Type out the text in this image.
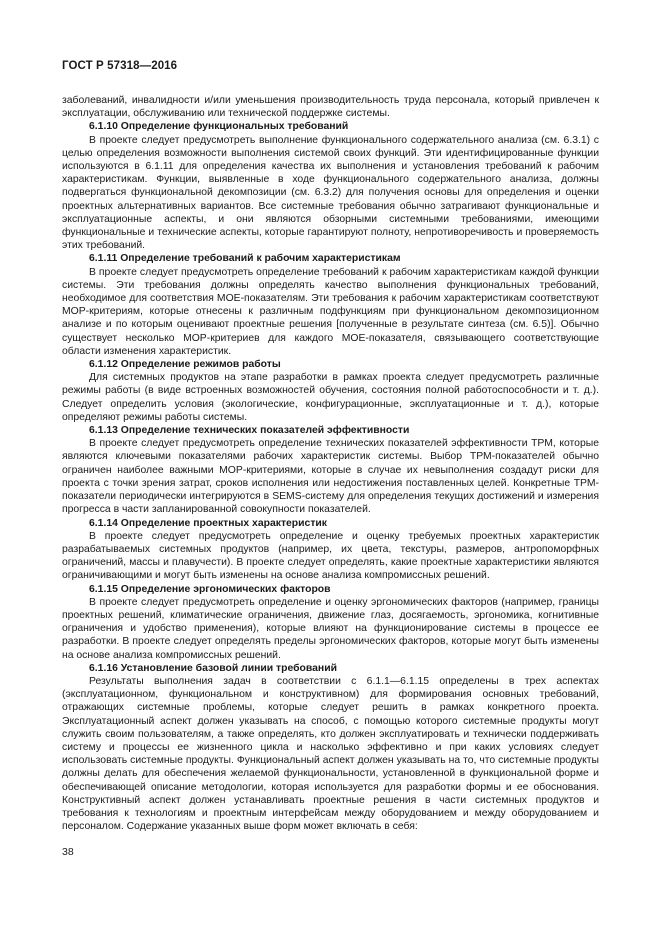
ГОСТ Р 57318—2016

заболеваний, инвалидности и/или уменьшения производительность труда персонала, который привлечен к эксплуатации, обслуживанию или технической поддержке системы.

6.1.10 Определение функциональных требований

В проекте следует предусмотреть выполнение функционального содержательного анализа (см. 6.3.1) с целью определения возможности выполнения системой своих функций. Эти идентифицированные функции используются в 6.1.11 для определения качества их выполнения и установления требований к рабочим характеристикам. Функции, выявленные в ходе функционального содержательного анализа, должны подвергаться функциональной декомпозиции (см. 6.3.2) для получения основы для определения и оценки проектных альтернативных вариантов. Все системные требования обычно затрагивают функциональные и эксплуатационные аспекты, и они являются обзорными системными требованиями, имеющими функциональные и технические аспекты, которые гарантируют полноту, непротиворечивость и проверяемость этих требований.

6.1.11 Определение требований к рабочим характеристикам

В проекте следует предусмотреть определение требований к рабочим характеристикам каждой функции системы. Эти требования должны определять качество выполнения функциональных требований, необходимое для соответствия МОЕ-показателям. Эти требования к рабочим характеристикам соответствуют МОР-критериям, которые отнесены к различным подфункциям при функциональном декомпозиционном анализе и по которым оценивают проектные решения [полученные в результате синтеза (см. 6.5)]. Обычно существует несколько МОР-критериев для каждого МОЕ-показателя, связывающего соответствующие области изменения характеристик.

6.1.12 Определение режимов работы

Для системных продуктов на этапе разработки в рамках проекта следует предусмотреть различные режимы работы (в виде встроенных возможностей обучения, состояния полной работоспособности и т. д.). Следует определить условия (экологические, конфигурационные, эксплуатационные и т. д.), которые определяют режимы работы системы.

6.1.13 Определение технических показателей эффективности

В проекте следует предусмотреть определение технических показателей эффективности ТРМ, которые являются ключевыми показателями рабочих характеристик системы. Выбор ТРМ-показателей обычно ограничен наиболее важными МОР-критериями, которые в случае их невыполнения создадут риски для проекта с точки зрения затрат, сроков исполнения или недостижения поставленных целей. Конкретные ТРМ-показатели периодически интегрируются в SEMS-систему для определения текущих достижений и измерения прогресса в части запланированной совокупности показателей.

6.1.14 Определение проектных характеристик

В проекте следует предусмотреть определение и оценку требуемых проектных характеристик разрабатываемых системных продуктов (например, их цвета, текстуры, размеров, антропоморфных ограничений, массы и плавучести). В проекте следует определять, какие проектные характеристики являются ограничивающими и могут быть изменены на основе анализа компромиссных решений.

6.1.15 Определение эргономических факторов

В проекте следует предусмотреть определение и оценку эргономических факторов (например, границы проектных решений, климатические ограничения, движение глаз, досягаемость, эргономика, когнитивные ограничения и удобство применения), которые влияют на функционирование системы в процессе ее разработки. В проекте следует определять пределы эргономических факторов, которые могут быть изменены на основе анализа компромиссных решений.

6.1.16 Установление базовой линии требований

Результаты выполнения задач в соответствии с 6.1.1—6.1.15 определены в трех аспектах (эксплуатационном, функциональном и конструктивном) для формирования основных требований, отражающих системные проблемы, которые следует решить в рамках конкретного проекта. Эксплуатационный аспект должен указывать на способ, с помощью которого системные продукты могут служить своим пользователям, а также определять, кто должен эксплуатировать и технически поддерживать систему и процессы ее жизненного цикла и насколько эффективно и при каких условиях следует использовать системные продукты. Функциональный аспект должен указывать на то, что системные продукты должны делать для обеспечения желаемой функциональности, установленной в функциональной форме и обеспечивающей описание методологии, которая используется для разработки формы и ее обоснования. Конструктивный аспект должен устанавливать проектные решения в части системных продуктов и требования к технологиям и проектным интерфейсам между оборудованием и между оборудованием и персоналом. Содержание указанных выше форм может включать в себя:

38
